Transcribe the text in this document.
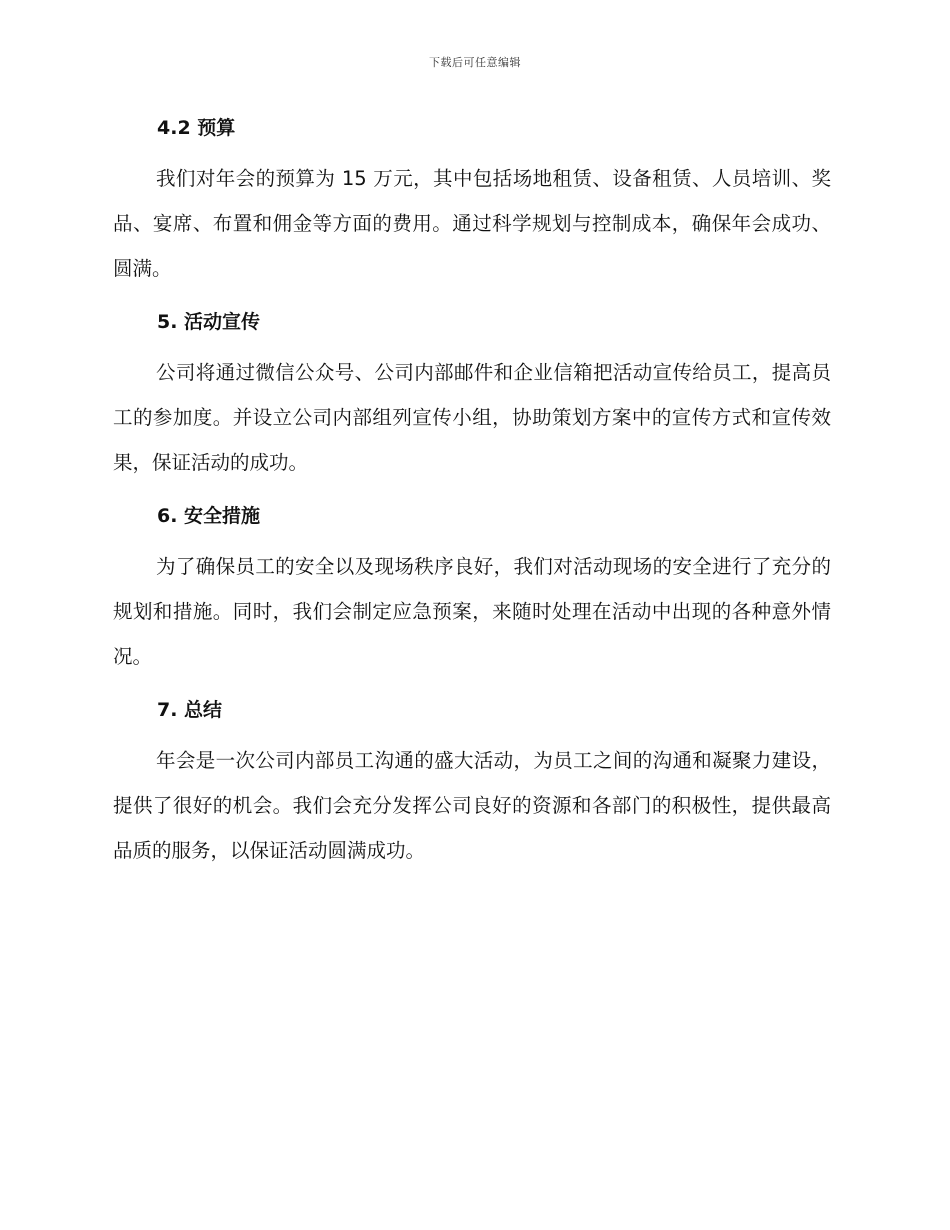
下载后可任意编辑
4.2 预算

我们对年会的预算为 15 万元，其中包括场地租赁、设备租赁、人员培训、奖品、宴席、布置和佣金等方面的费用。通过科学规划与控制成本，确保年会成功、圆满。

5. 活动宣传

公司将通过微信公众号、公司内部邮件和企业信箱把活动宣传给员工，提高员工的参加度。并设立公司内部组列宣传小组，协助策划方案中的宣传方式和宣传效果，保证活动的成功。

6. 安全措施

为了确保员工的安全以及现场秩序良好，我们对活动现场的安全进行了充分的规划和措施。同时，我们会制定应急预案，来随时处理在活动中出现的各种意外情况。

7. 总结

年会是一次公司内部员工沟通的盛大活动，为员工之间的沟通和凝聚力建设，提供了很好的机会。我们会充分发挥公司良好的资源和各部门的积极性，提供最高品质的服务，以保证活动圆满成功。
